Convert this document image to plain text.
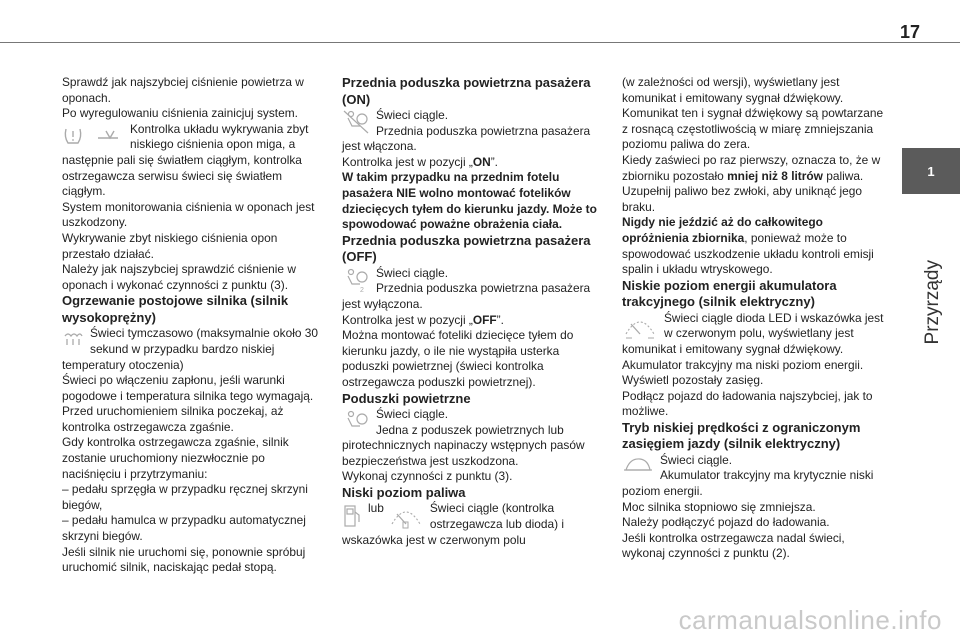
17
1
Przyrządy

Sprawdź jak najszybciej ciśnienie powietrza w oponach.

Po wyregulowaniu ciśnienia zainicjuj system.

Kontrolka układu wykrywania zbyt niskiego ciśnienia opon miga, a następnie pali się światłem ciągłym, kontrolka ostrzegawcza serwisu świeci się światłem ciągłym.

System monitorowania ciśnienia w oponach jest uszkodzony.

Wykrywanie zbyt niskiego ciśnienia opon przestało działać.

Należy jak najszybciej sprawdzić ciśnienie w oponach i wykonać czynności z punktu (3).

Ogrzewanie postojowe silnika (silnik wysokoprężny)

Świeci tymczasowo (maksymalnie około 30 sekund w przypadku bardzo niskiej temperatury otoczenia)

Świeci po włączeniu zapłonu, jeśli warunki pogodowe i temperatura silnika tego wymagają.

Przed uruchomieniem silnika poczekaj, aż kontrolka ostrzegawcza zgaśnie.

Gdy kontrolka ostrzegawcza zgaśnie, silnik zostanie uruchomiony niezwłocznie po naciśnięciu i przytrzymaniu:

– pedału sprzęgła w przypadku ręcznej skrzyni biegów,

– pedału hamulca w przypadku automatycznej skrzyni biegów.

Jeśli silnik nie uruchomi się, ponownie spróbuj uruchomić silnik, naciskając pedał stopą.

Przednia poduszka powietrzna pasażera (ON)

Świeci ciągle.

Przednia poduszka powietrzna pasażera jest włączona.

Kontrolka jest w pozycji „ON”.

W takim przypadku na przednim fotelu pasażera NIE wolno montować fotelików dziecięcych tyłem do kierunku jazdy. Może to spowodować poważne obrażenia ciała.

Przednia poduszka powietrzna pasażera (OFF)

2

Świeci ciągle.

Przednia poduszka powietrzna pasażera jest wyłączona.

Kontrolka jest w pozycji „OFF”.

Można montować foteliki dziecięce tyłem do kierunku jazdy, o ile nie wystąpiła usterka poduszki powietrznej (świeci kontrolka ostrzegawcza poduszki powietrznej).

Poduszki powietrzne

Świeci ciągle.

Jedna z poduszek powietrznych lub pirotechnicznych napinaczy wstępnych pasów bezpieczeństwa jest uszkodzona.

Wykonaj czynności z punktu (3).

Niski poziom paliwa

lub	Świeci ciągle (kontrolka ostrzegawcza lub dioda) i wskazówka jest w czerwonym polu

(w zależności od wersji), wyświetlany jest komunikat i emitowany sygnał dźwiękowy.

Komunikat ten i sygnał dźwiękowy są powtarzane z rosnącą częstotliwością w miarę zmniejszania poziomu paliwa do zera.

Kiedy zaświeci po raz pierwszy, oznacza to, że w zbiorniku pozostało mniej niż 8 litrów paliwa.

Uzupełnij paliwo bez zwłoki, aby uniknąć jego braku.

Nigdy nie jeździć aż do całkowitego opróżnienia zbiornika, ponieważ może to spowodować uszkodzenie układu kontroli emisji spalin i układu wtryskowego.

Niskie poziom energii akumulatora trakcyjnego (silnik elektryczny)

Świeci ciągle dioda LED i wskazówka jest w czerwonym polu, wyświetlany jest komunikat i emitowany sygnał dźwiękowy.

Akumulator trakcyjny ma niski poziom energii.

Wyświetl pozostały zasięg.

Podłącz pojazd do ładowania najszybciej, jak to możliwe.

Tryb niskiej prędkości z ograniczonym zasięgiem jazdy (silnik elektryczny)

Świeci ciągle.

Akumulator trakcyjny ma krytycznie niski poziom energii.

Moc silnika stopniowo się zmniejsza.

Należy podłączyć pojazd do ładowania.

Jeśli kontrolka ostrzegawcza nadal świeci, wykonaj czynności z punktu (2).

carmanualsonline.info
